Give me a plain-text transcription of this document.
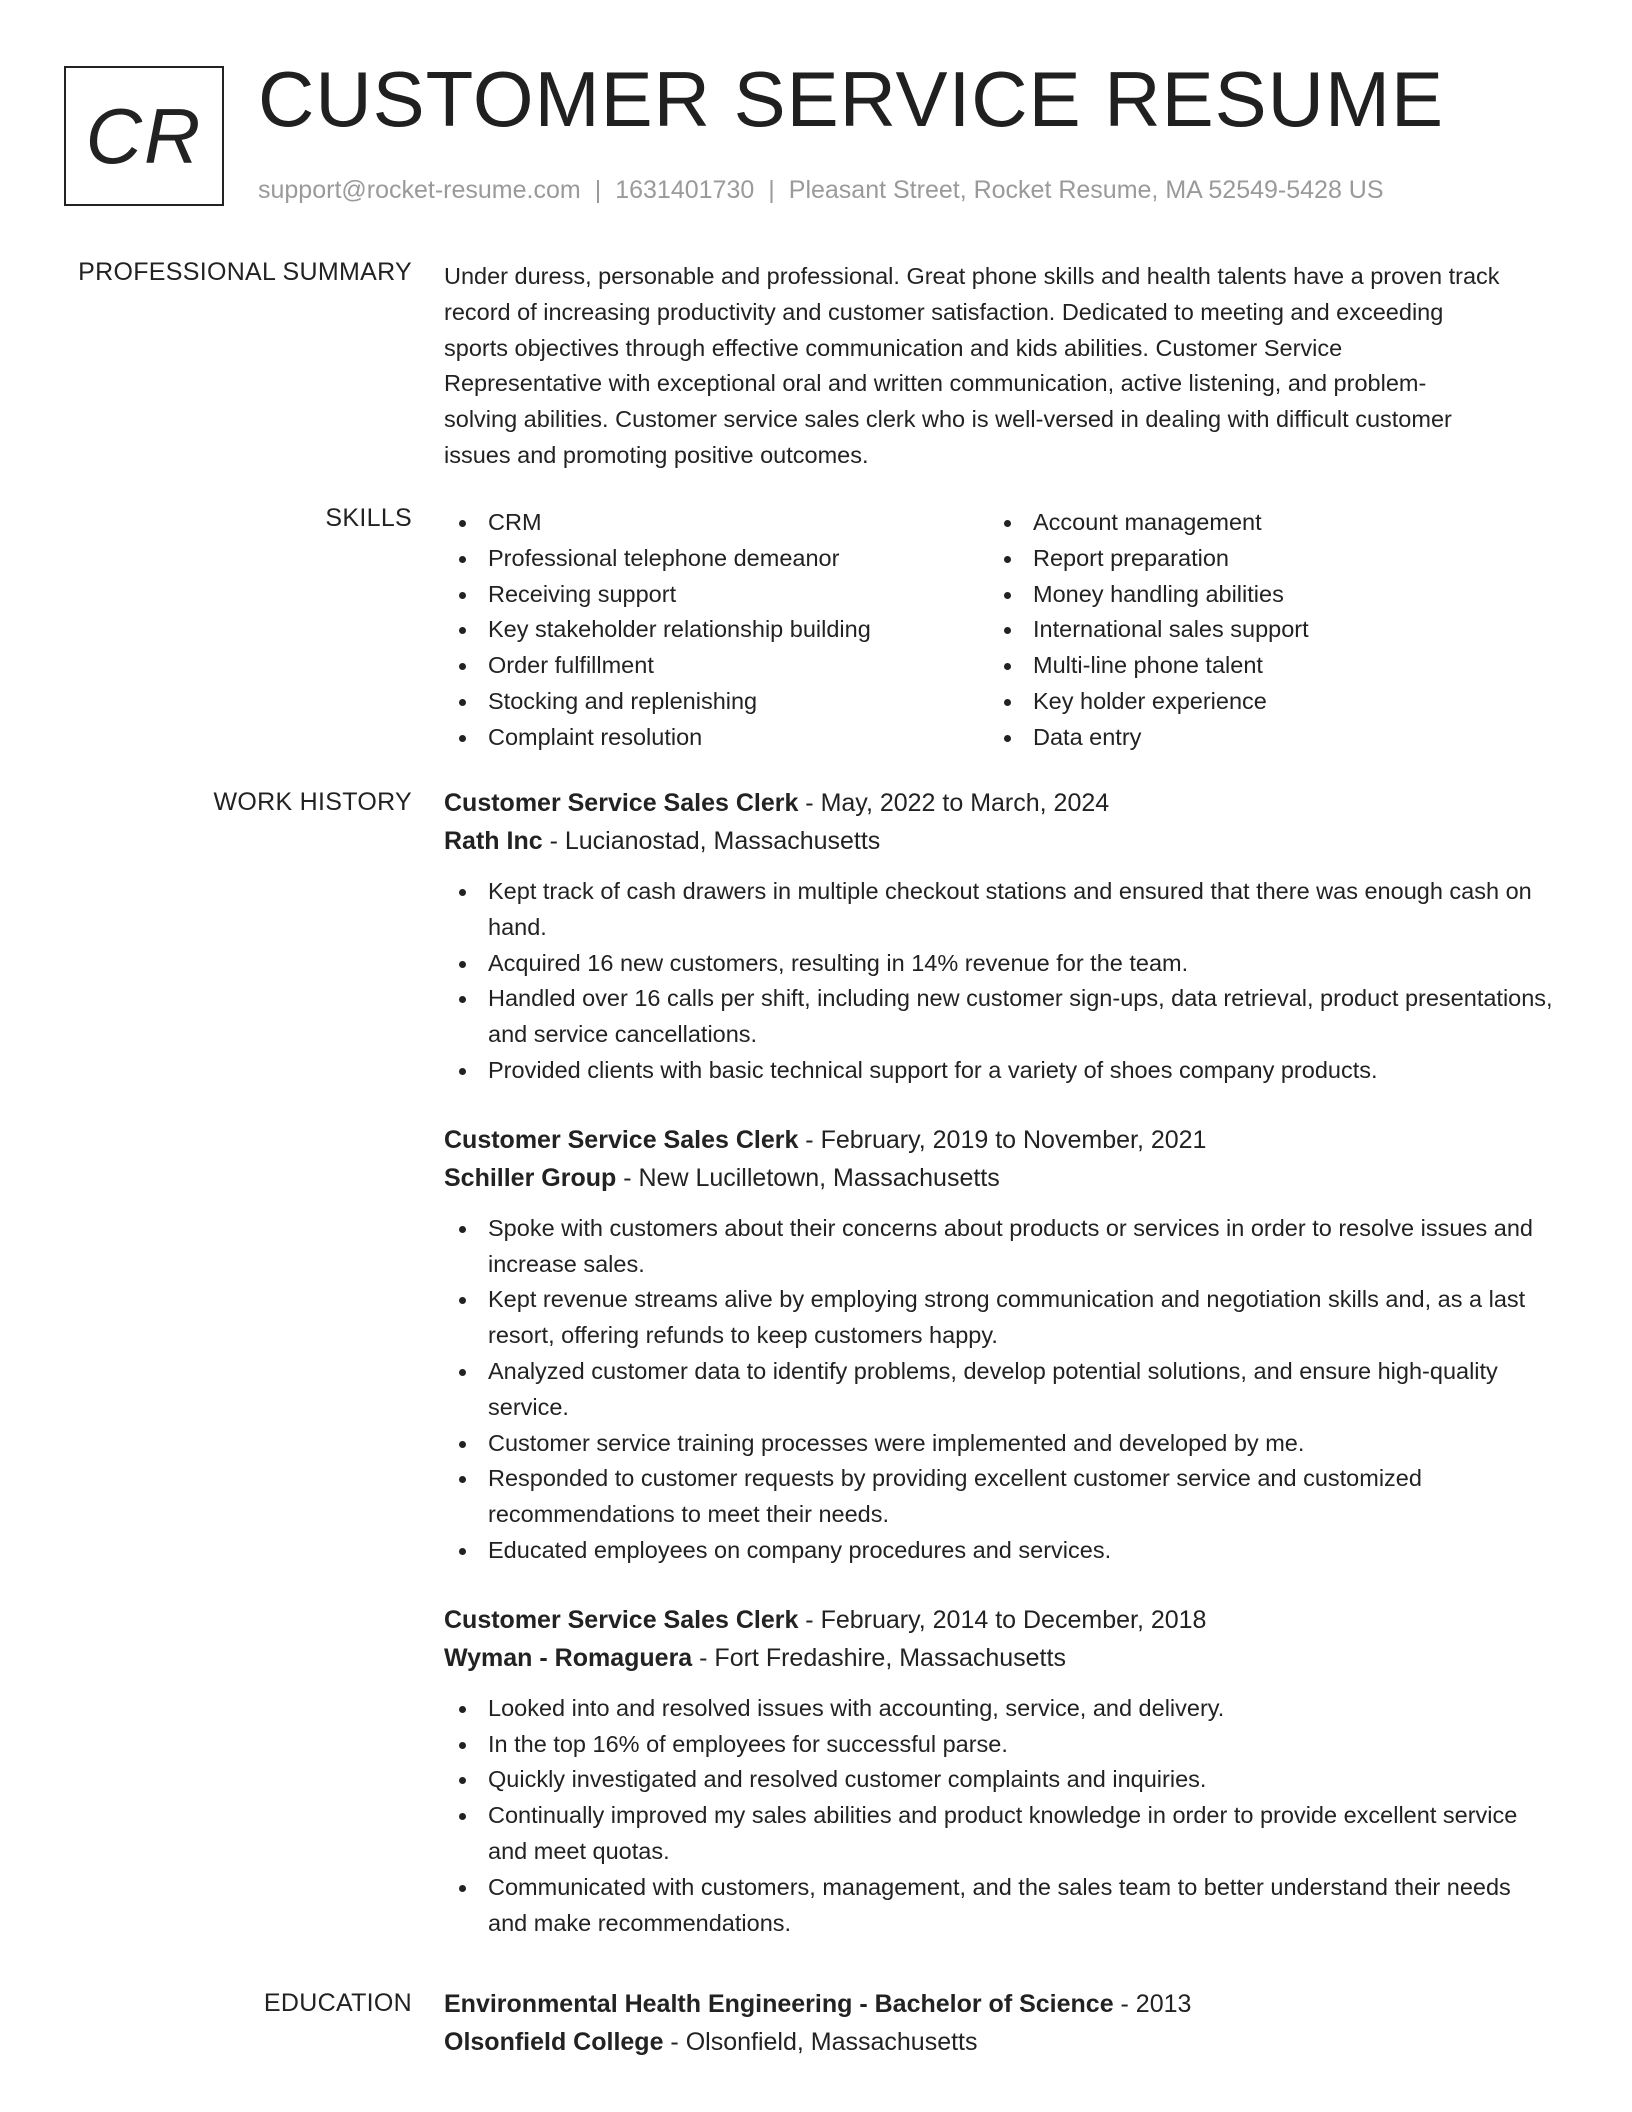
CR CUSTOMER SERVICE RESUME
support@rocket-resume.com | 1631401730 | Pleasant Street, Rocket Resume, MA 52549-5428 US
PROFESSIONAL SUMMARY Under duress, personable and professional. Great phone skills and health talents have a proven track

record of increasing productivity and customer satisfaction. Dedicated to meeting and exceeding

sports objectives through effective communication and kids abilities. Customer Service

Representative with exceptional oral and written communication, active listening, and problem-

solving abilities. Customer service sales clerk who is well-versed in dealing with difficult customer

issues and promoting positive outcomes.

SKILLS	CRM
Professional telephone demeanor
Receiving support
Key stakeholder relationship building
Order fulfillment
Stocking and replenishing
Complaint resolution
Account management
Report preparation
Money handling abilities
International sales support
Multi-line phone talent
Key holder experience
Data entry
WORK HISTORY Customer Service Sales Clerk - May, 2022 to March, 2024
Rath Inc - Lucianostad, Massachusetts
Kept track of cash drawers in multiple checkout stations and ensured that there was enough cash on hand.
Acquired 16 new customers, resulting in 14% revenue for the team.
Handled over 16 calls per shift, including new customer sign-ups, data retrieval, product presentations, and service cancellations.
Provided clients with basic technical support for a variety of shoes company products.
Customer Service Sales Clerk - February, 2019 to November, 2021
Schiller Group - New Lucilletown, Massachusetts
Spoke with customers about their concerns about products or services in order to resolve issues and increase sales.
Kept revenue streams alive by employing strong communication and negotiation skills and, as a last resort, offering refunds to keep customers happy.
Analyzed customer data to identify problems, develop potential solutions, and ensure high-quality service.
Customer service training processes were implemented and developed by me.
Responded to customer requests by providing excellent customer service and customized recommendations to meet their needs.
Educated employees on company procedures and services.
Customer Service Sales Clerk - February, 2014 to December, 2018
Wyman - Romaguera - Fort Fredashire, Massachusetts
Looked into and resolved issues with accounting, service, and delivery.
In the top 16% of employees for successful parse.
Quickly investigated and resolved customer complaints and inquiries.
Continually improved my sales abilities and product knowledge in order to provide excellent service and meet quotas.
Communicated with customers, management, and the sales team to better understand their needs and make recommendations.
EDUCATION Environmental Health Engineering - Bachelor of Science - 2013
Olsonfield College - Olsonfield, Massachusetts
